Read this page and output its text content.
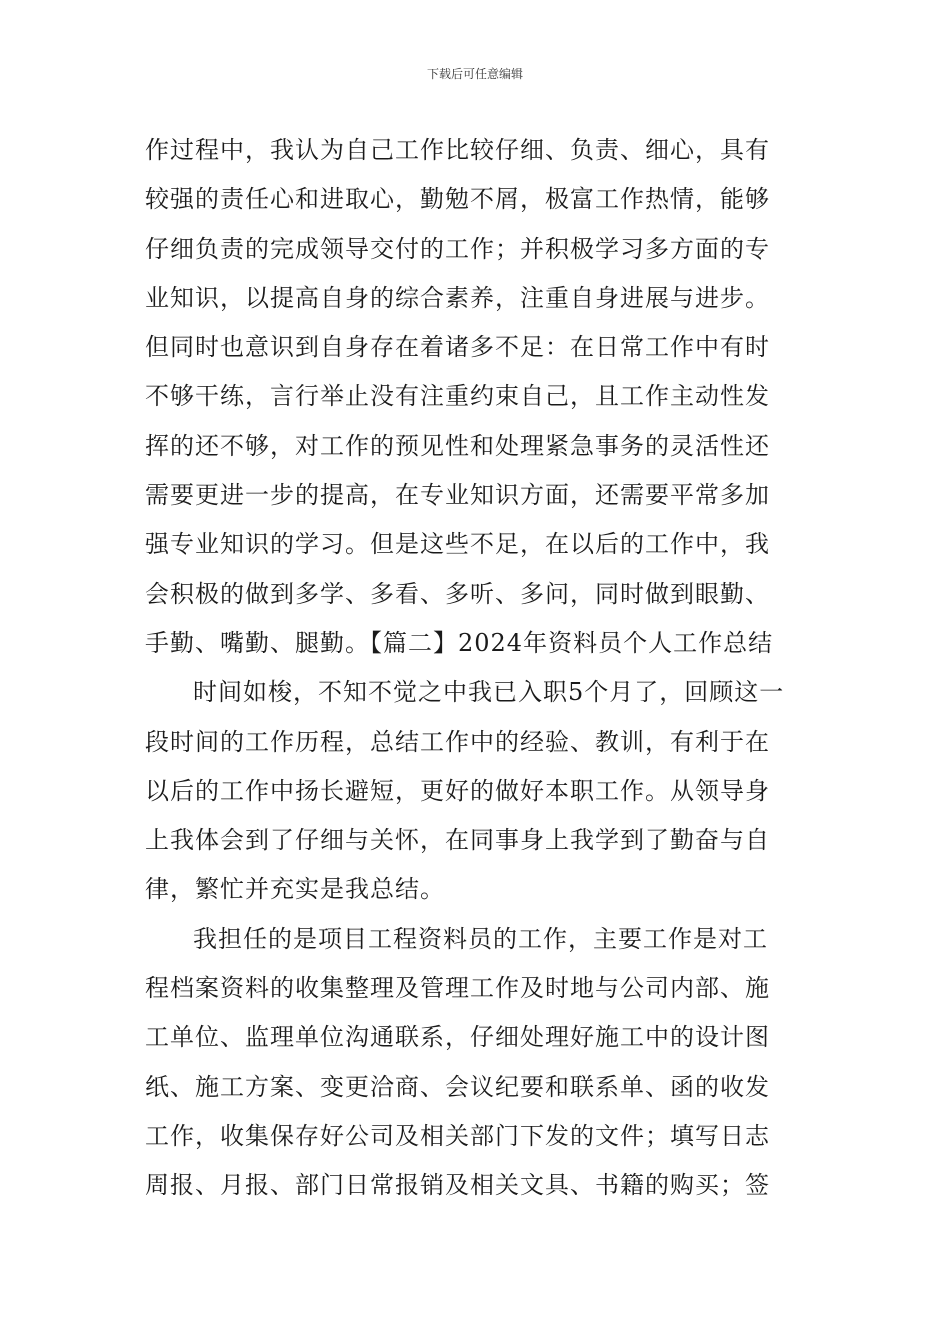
下载后可任意编辑
作过程中，我认为自己工作比较仔细、负责、细心，具有
较强的责任心和进取心，勤勉不屑，极富工作热情，能够
仔细负责的完成领导交付的工作；并积极学习多方面的专
业知识，以提高自身的综合素养，注重自身进展与进步。
但同时也意识到自身存在着诸多不足：在日常工作中有时
不够干练，言行举止没有注重约束自己，且工作主动性发
挥的还不够，对工作的预见性和处理紧急事务的灵活性还
需要更进一步的提高，在专业知识方面，还需要平常多加
强专业知识的学习。但是这些不足，在以后的工作中，我
会积极的做到多学、多看、多听、多问，同时做到眼勤、
手勤、嘴勤、腿勤。【篇二】2024年资料员个人工作总结
时间如梭，不知不觉之中我已入职5个月了，回顾这一
段时间的工作历程，总结工作中的经验、教训，有利于在
以后的工作中扬长避短，更好的做好本职工作。从领导身
上我体会到了仔细与关怀，在同事身上我学到了勤奋与自
律，繁忙并充实是我总结。
我担任的是项目工程资料员的工作，主要工作是对工
程档案资料的收集整理及管理工作及时地与公司内部、施
工单位、监理单位沟通联系，仔细处理好施工中的设计图
纸、施工方案、变更洽商、会议纪要和联系单、函的收发
工作，收集保存好公司及相关部门下发的文件；填写日志
周报、月报、部门日常报销及相关文具、书籍的购买；签
